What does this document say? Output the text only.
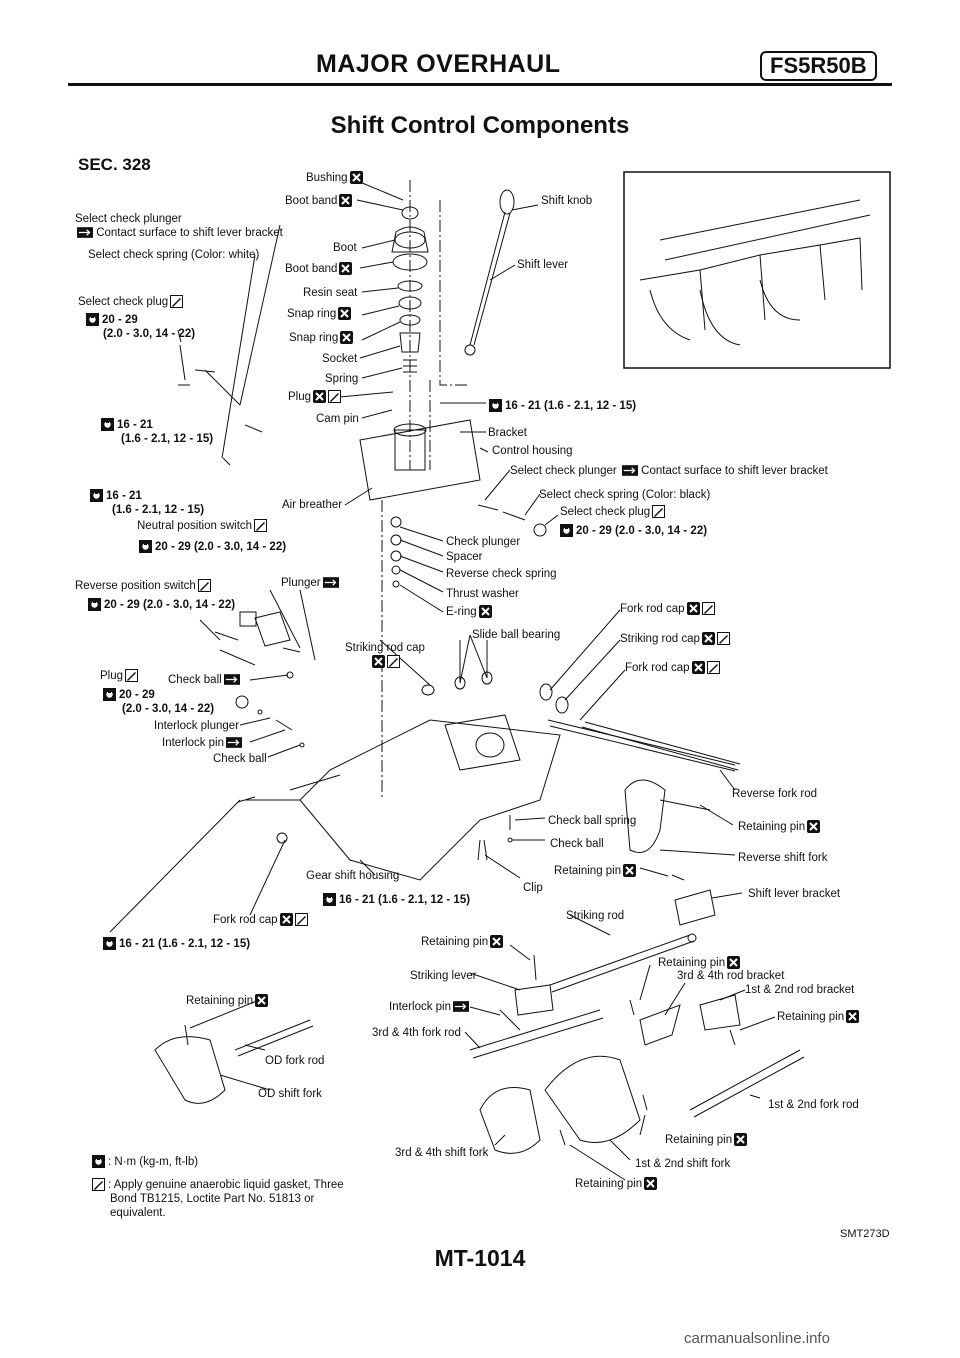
MAJOR OVERHAUL	FS5R50B
Shift Control Components
SEC. 328
Bushing
Boot band
Select check plunger
Contact surface to shift lever bracket
Select check spring (Color: white)
Boot
Boot band
Shift knob
Shift lever
Resin seat
Select check plug
20 - 29
(2.0 - 3.0, 14 - 22)
Snap ring
Snap ring
Socket
Spring
Plug
16 - 21 (1.6 - 2.1, 12 - 15)
Cam pin
16 - 21
(1.6 - 2.1, 12 - 15)	Bracket
Control housing
Select check plunger Contact surface to shift lever bracket
Select check spring (Color: black)
16 - 21
(1.6 - 2.1, 12 - 15)	Air breather
Select check plug
20 - 29 (2.0 - 3.0, 14 - 22)
Neutral position switch
20 - 29 (2.0 - 3.0, 14 - 22)	Check plunger
Spacer
Reverse check spring
Plunger
Reverse position switch
20 - 29 (2.0 - 3.0, 14 - 22)
Thrust washer
E-ring	Fork rod cap
Slide ball bearing
Striking rod cap
Striking rod cap
Fork rod cap
Plug	Check ball
20 - 29
(2.0 - 3.0, 14 - 22)
Interlock plunger
Interlock pin
Check ball
Reverse fork rod
Check ball spring	Retaining pin
Check ball
Reverse shift fork
Retaining pin
Gear shift housing
Clip	Shift lever bracket
16 - 21 (1.6 - 2.1, 12 - 15)
Fork rod cap	Striking rod
16 - 21 (1.6 - 2.1, 12 - 15)	Retaining pin
Retaining pin
3rd & 4th rod bracket
Striking lever
1st & 2nd rod bracket
Retaining pin	Interlock pin
Retaining pin
3rd & 4th fork rod
OD fork rod
OD shift fork
1st & 2nd fork rod
Retaining pin
3rd & 4th shift fork
1st & 2nd shift fork
Retaining pin
: N·m (kg-m, ft-lb)
: Apply genuine anaerobic liquid gasket, Three
Bond TB1215, Loctite Part No. 51813 or
equivalent.
SMT273D
MT-1014
carmanualsonline.info
